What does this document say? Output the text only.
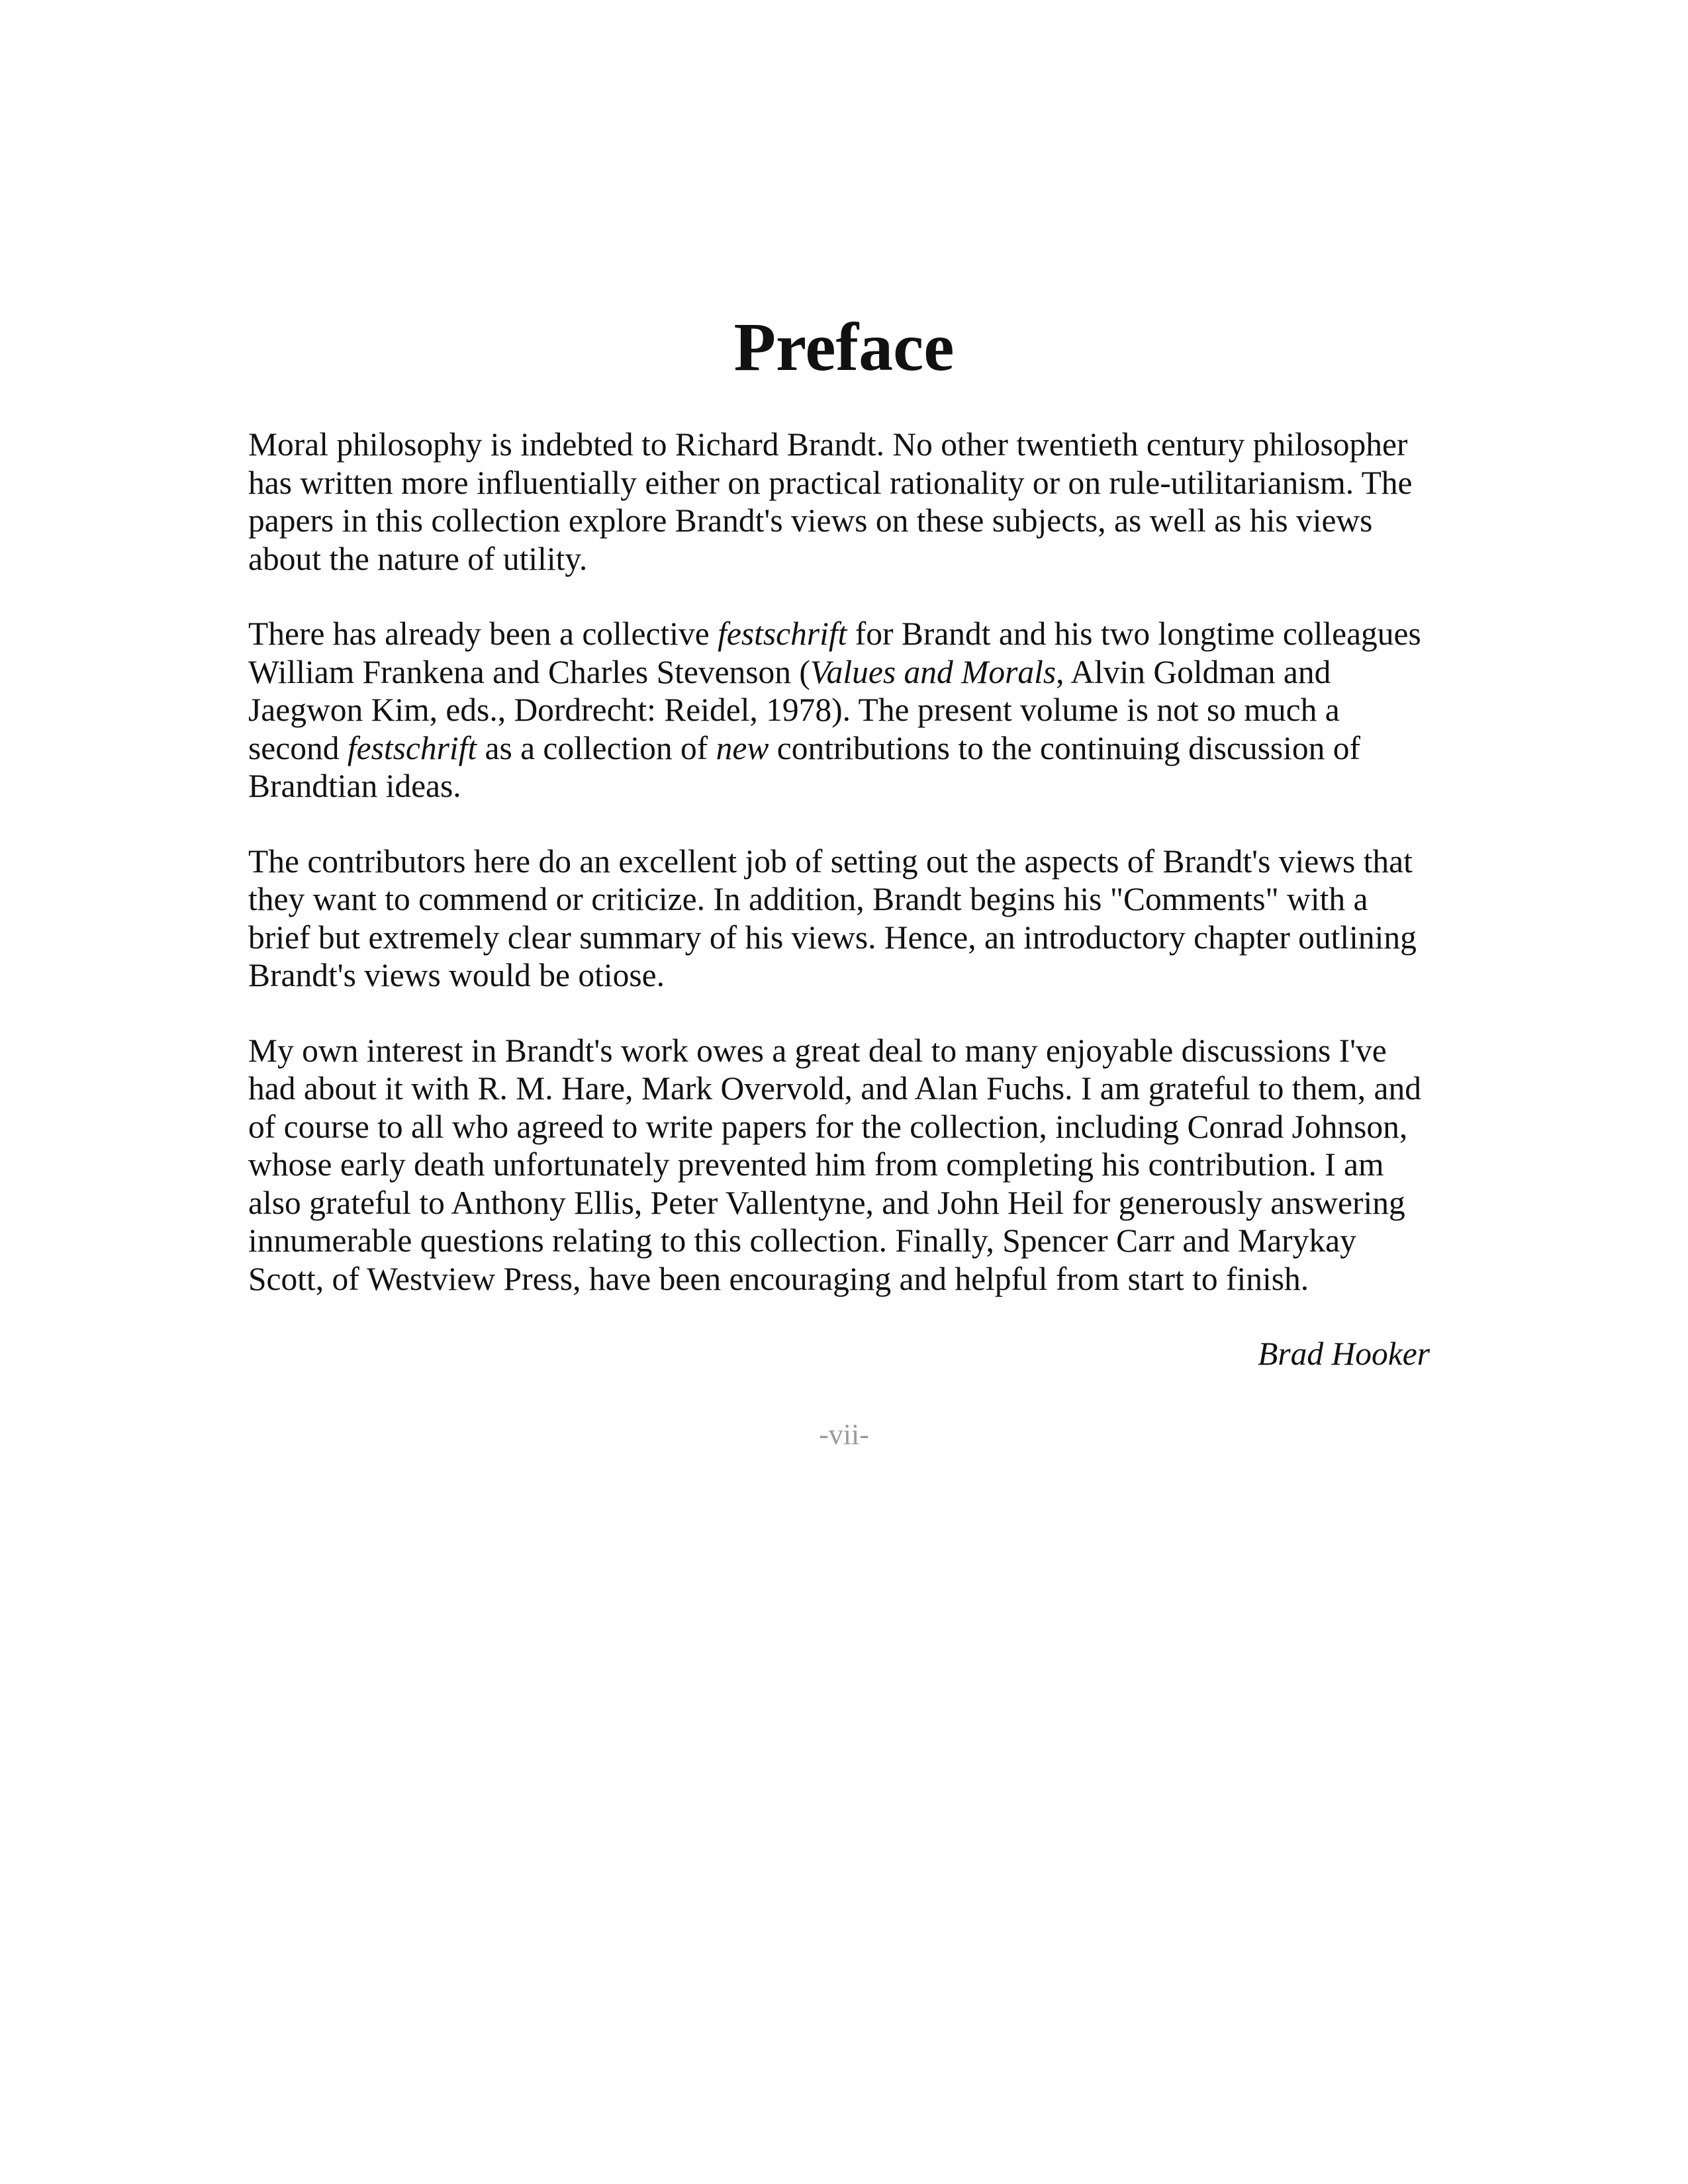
Preface

Moral philosophy is indebted to Richard Brandt. No other twentieth century philosopher
has written more influentially either on practical rationality or on rule-utilitarianism. The
papers in this collection explore Brandt's views on these subjects, as well as his views
about the nature of utility.

There has already been a collective festschrift for Brandt and his two longtime colleagues
William Frankena and Charles Stevenson (Values and Morals, Alvin Goldman and
Jaegwon Kim, eds., Dordrecht: Reidel, 1978). The present volume is not so much a
second festschrift as a collection of new contributions to the continuing discussion of
Brandtian ideas.

The contributors here do an excellent job of setting out the aspects of Brandt's views that
they want to commend or criticize. In addition, Brandt begins his "Comments" with a
brief but extremely clear summary of his views. Hence, an introductory chapter outlining
Brandt's views would be otiose.

My own interest in Brandt's work owes a great deal to many enjoyable discussions I've
had about it with R. M. Hare, Mark Overvold, and Alan Fuchs. I am grateful to them, and
of course to all who agreed to write papers for the collection, including Conrad Johnson,
whose early death unfortunately prevented him from completing his contribution. I am
also grateful to Anthony Ellis, Peter Vallentyne, and John Heil for generously answering
innumerable questions relating to this collection. Finally, Spencer Carr and Marykay
Scott, of Westview Press, have been encouraging and helpful from start to finish.

Brad Hooker

-vii-
